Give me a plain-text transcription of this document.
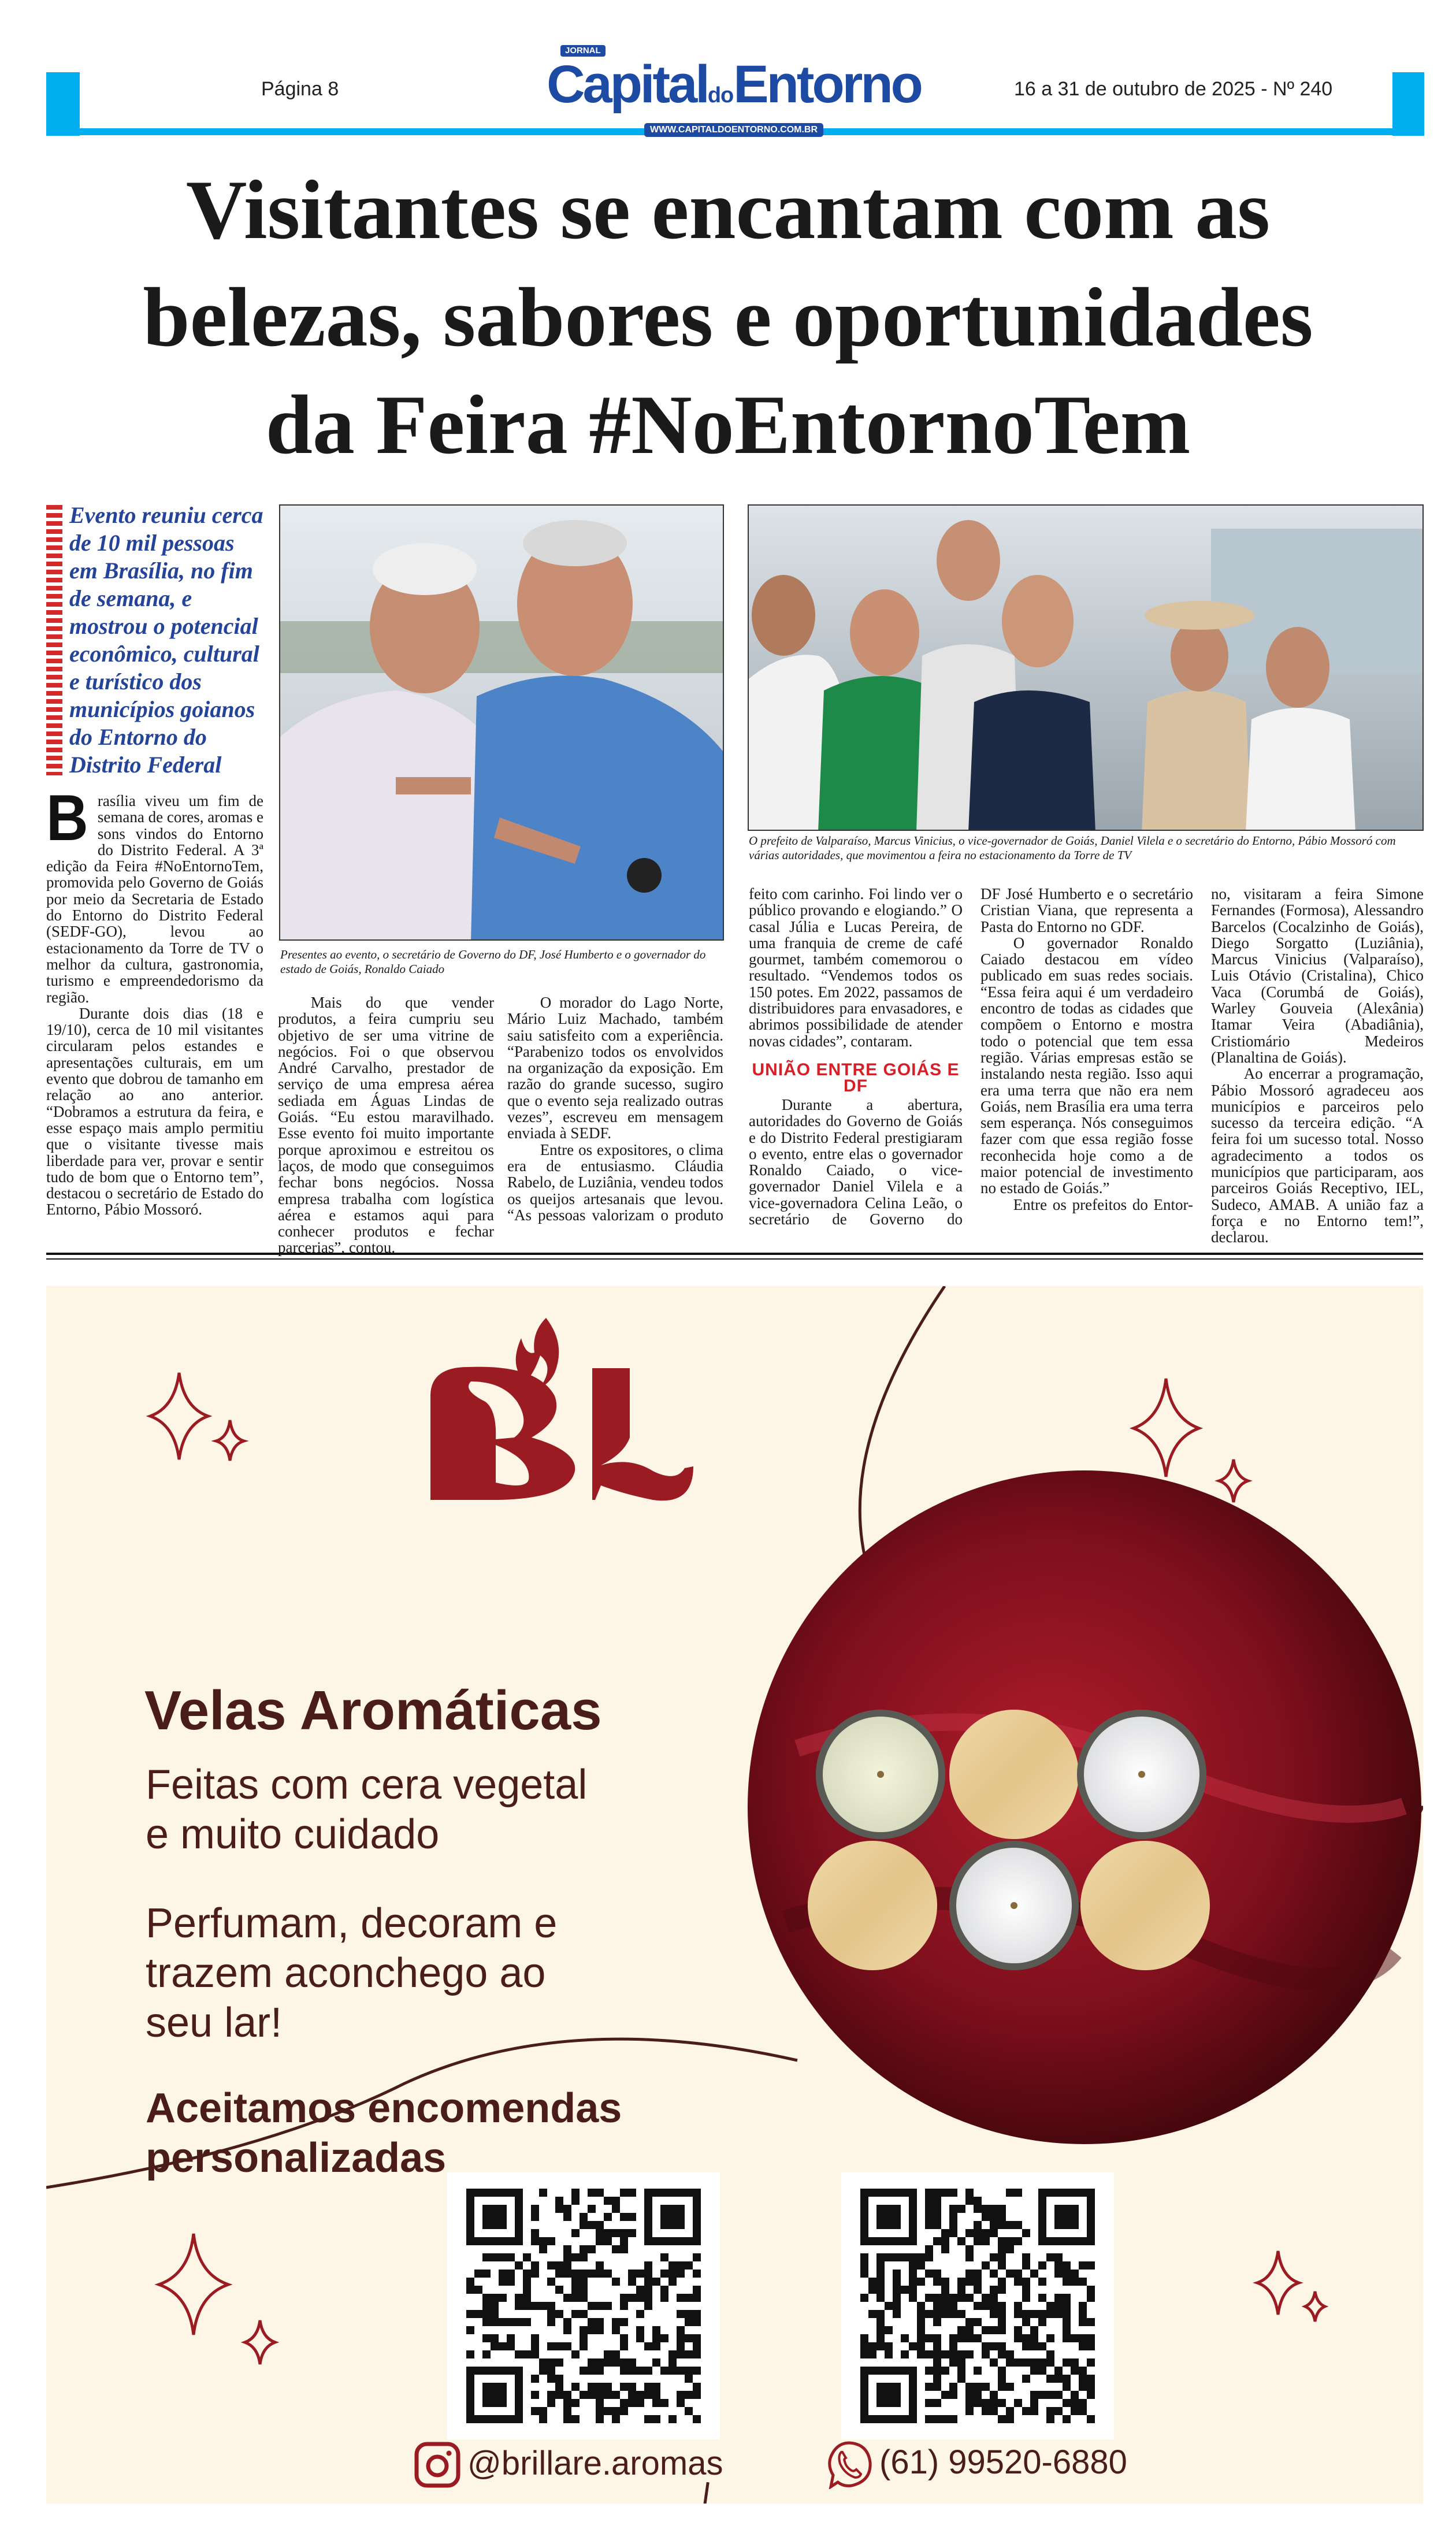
Página 8	16 a 31 de outubro de 2025 - Nº 240
JORNAL
CapitaldoEntorno
WWW.CAPITALDOENTORNO.COM.BR
Visitantes se encantam com as
belezas, sabores e oportunidades
da Feira #NoEntornoTem
Evento reuniu cerca de 10 mil pessoas em Brasília, no fim de semana, e mostrou o potencial econômico, cultural e turístico dos municípios goianos do Entorno do Distrito Federal
B rasília viveu um fim de semana de cores, aromas e sons vindos do Entorno do Distrito Federal. A 3ª edição da Feira #NoEntornoTem, promovida pelo Governo de Goiás por meio da Secretaria de Estado do Entorno do Distrito Federal (SEDF-GO), levou ao estacionamento da Torre de TV o melhor da cultura, gastronomia, turismo e empreendedorismo da região.

Durante dois dias (18 e 19/10), cerca de 10 mil visitantes circularam pelos estandes e apresentações culturais, em um evento que dobrou de tamanho em relação ao ano anterior. “Dobramos a estrutura da feira, e esse espaço mais amplo permitiu que o visitante tivesse mais liberdade para ver, provar e sentir tudo de bom que o Entorno tem”, destacou o secretário de Estado do Entorno, Pábio Mossoró.

Presentes ao evento, o secretário de Governo do DF, José Humberto e o governador do estado de Goiás, Ronaldo Caiado
O prefeito de Valparaíso, Marcus Vinicius, o vice-governador de Goiás, Daniel Vilela e o secretário do Entorno, Pábio Mossoró com várias autoridades, que movimentou a feira no estacionamento da Torre de TV

Mais do que vender produtos, a feira cumpriu seu objetivo de ser uma vitrine de negócios. Foi o que observou André Carvalho, prestador de serviço de uma empresa aérea sediada em Águas Lindas de Goiás. “Eu estou maravilhado. Esse evento foi muito importante porque aproximou e estreitou os laços, de modo que conseguimos fechar bons negócios. Nossa empresa trabalha com logística aérea e estamos aqui para conhecer produtos e fechar parcerias”, contou.

O morador do Lago Norte, Mário Luiz Machado, também saiu satisfeito com a experiência. “Parabenizo todos os envolvidos na organização da exposição. Em razão do grande sucesso, sugiro que o evento seja realizado outras vezes”, escreveu em mensagem enviada à SEDF.

Entre os expositores, o clima era de entusiasmo. Cláudia Rabelo, de Luziânia, vendeu todos os queijos artesanais que levou. “As pessoas valorizam o produto

feito com carinho. Foi lindo ver o público provando e elogiando.” O casal Júlia e Lucas Pereira, de uma franquia de creme de café gourmet, também comemorou o resultado. “Vendemos todos os 150 potes. Em 2022, passamos de distribuidores para envasadores, e abrimos possibilidade de atender novas cidades”, contaram.

UNIÃO ENTRE GOIÁS E DF

Durante a abertura, autoridades do Governo de Goiás e do Distrito Federal prestigiaram o evento, entre elas o governador Ronaldo Caiado, o vice-governador Daniel Vilela e a vice-governadora Celina Leão, o secretário de Governo do

DF José Humberto e o secretário Cristian Viana, que representa a Pasta do Entorno no GDF.

O governador Ronaldo Caiado destacou em vídeo publicado em suas redes sociais. “Essa feira aqui é um verdadeiro encontro de todas as cidades que compõem o Entorno e mostra todo o potencial que tem essa região. Várias empresas estão se instalando nesta região. Isso aqui era uma terra que não era nem Goiás, nem Brasília era uma terra sem esperança. Nós conseguimos fazer com que essa região fosse reconhecida hoje como a de maior potencial de investimento no estado de Goiás.”

Entre os prefeitos do Entor-

no, visitaram a feira Simone Fernandes (Formosa), Alessandro Barcelos (Cocalzinho de Goiás), Diego Sorgatto (Luziânia), Marcus Vinicius (Valparaíso), Luis Otávio (Cristalina), Chico Vaca (Corumbá de Goiás), Warley Gouveia (Alexânia) Itamar Veira (Abadiânia), Cristiomário Medeiros (Planaltina de Goiás).

Ao encerrar a programação, Pábio Mossoró agradeceu aos municípios e parceiros pelo sucesso da terceira edição. “A feira foi um sucesso total. Nosso agradecimento a todos os municípios que participaram, aos parceiros Goiás Receptivo, IEL, Sudeco, AMAB. A união faz a força e no Entorno tem!”, declarou.

Velas Aromáticas
Feitas com cera vegetal
e muito cuidado
Perfumam, decoram e
trazem aconchego ao
seu lar!
Aceitamos encomendas
personalizadas
@brillare.aromas	(61) 99520-6880
